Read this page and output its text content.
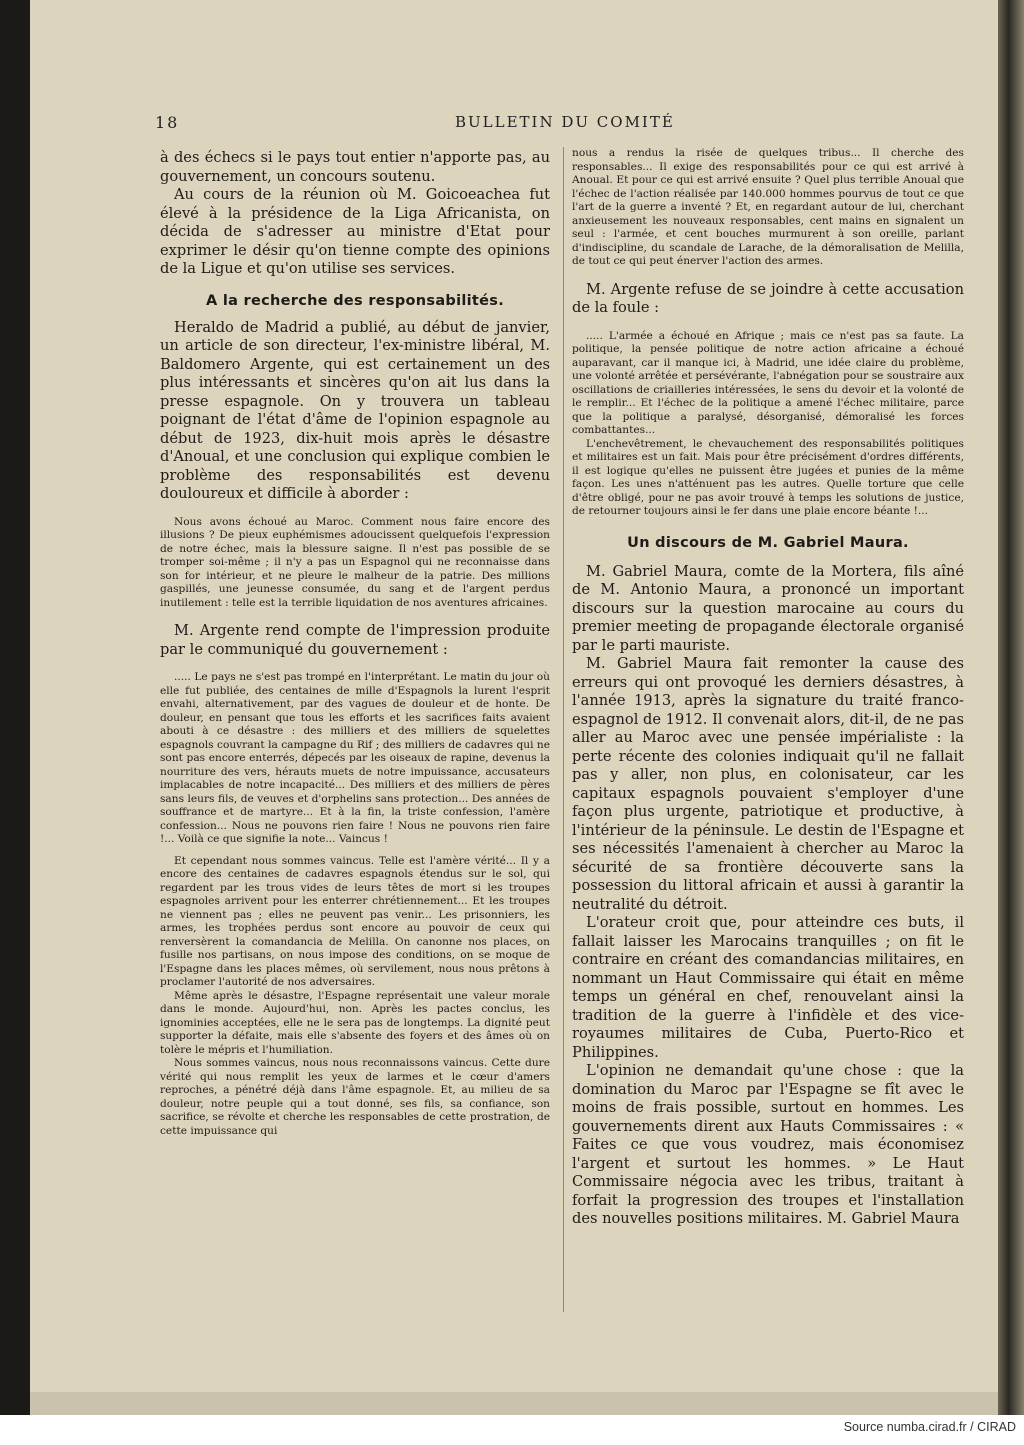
18	BULLETIN DU COMITÉ

à des échecs si le pays tout entier n'apporte pas, au gouvernement, un concours soutenu.

Au cours de la réunion où M. Goicoeachea fut élevé à la présidence de la Liga Africanista, on décida de s'adresser au ministre d'Etat pour exprimer le désir qu'on tienne compte des opinions de la Ligue et qu'on utilise ses services.

A la recherche des responsabilités.

Heraldo de Madrid a publié, au début de janvier, un article de son directeur, l'ex-ministre libéral, M. Baldomero Argente, qui est certainement un des plus intéressants et sincères qu'on ait lus dans la presse espagnole. On y trouvera un tableau poignant de l'état d'âme de l'opinion espagnole au début de 1923, dix-huit mois après le désastre d'Anoual, et une conclusion qui explique combien le problème des responsabilités est devenu douloureux et difficile à aborder :

Nous avons échoué au Maroc. Comment nous faire encore des illusions ? De pieux euphémismes adoucissent quelquefois l'expression de notre échec, mais la blessure saigne. Il n'est pas possible de se tromper soi-même ; il n'y a pas un Espagnol qui ne reconnaisse dans son for intérieur, et ne pleure le malheur de la patrie. Des millions gaspillés, une jeunesse consumée, du sang et de l'argent perdus inutilement : telle est la terrible liquidation de nos aventures africaines.

M. Argente rend compte de l'impression produite par le communiqué du gouvernement :

..... Le pays ne s'est pas trompé en l'interprétant. Le matin du jour où elle fut publiée, des centaines de mille d'Espagnols la lurent l'esprit envahi, alternativement, par des vagues de douleur et de honte. De douleur, en pensant que tous les efforts et les sacrifices faits avaient abouti à ce désastre : des milliers et des milliers de squelettes espagnols couvrant la campagne du Rif ; des milliers de cadavres qui ne sont pas encore enterrés, dépecés par les oiseaux de rapine, devenus la nourriture des vers, hérauts muets de notre impuissance, accusateurs implacables de notre incapacité... Des milliers et des milliers de pères sans leurs fils, de veuves et d'orphelins sans protection... Des années de souffrance et de martyre... Et à la fin, la triste confession, l'amère confession... Nous ne pouvons rien faire ! Nous ne pouvons rien faire !... Voilà ce que signifie la note... Vaincus !

Et cependant nous sommes vaincus. Telle est l'amère vérité... Il y a encore des centaines de cadavres espagnols étendus sur le sol, qui regardent par les trous vides de leurs têtes de mort si les troupes espagnoles arrivent pour les enterrer chrétiennement... Et les troupes ne viennent pas ; elles ne peuvent pas venir... Les prisonniers, les armes, les trophées perdus sont encore au pouvoir de ceux qui renversèrent la comandancia de Melilla. On canonne nos places, on fusille nos partisans, on nous impose des conditions, on se moque de l'Espagne dans les places mêmes, où servilement, nous nous prêtons à proclamer l'autorité de nos adversaires.

Même après le désastre, l'Espagne représentait une valeur morale dans le monde. Aujourd'hui, non. Après les pactes conclus, les ignominies acceptées, elle ne le sera pas de longtemps. La dignité peut supporter la défaite, mais elle s'absente des foyers et des âmes où on tolère le mépris et l'humiliation.

Nous sommes vaincus, nous nous reconnaissons vaincus. Cette dure vérité qui nous remplit les yeux de larmes et le cœur d'amers reproches, a pénétré déjà dans l'âme espagnole. Et, au milieu de sa douleur, notre peuple qui a tout donné, ses fils, sa confiance, son sacrifice, se révolte et cherche les responsables de cette prostration, de cette impuissance qui

nous a rendus la risée de quelques tribus... Il cherche des responsables... Il exige des responsabilités pour ce qui est arrivé à Anoual. Et pour ce qui est arrivé ensuite ? Quel plus terrible Anoual que l'échec de l'action réalisée par 140.000 hommes pourvus de tout ce que l'art de la guerre a inventé ? Et, en regardant autour de lui, cherchant anxieusement les nouveaux responsables, cent mains en signalent un seul : l'armée, et cent bouches murmurent à son oreille, parlant d'indiscipline, du scandale de Larache, de la démoralisation de Melilla, de tout ce qui peut énerver l'action des armes.

M. Argente refuse de se joindre à cette accusation de la foule :

..... L'armée a échoué en Afrique ; mais ce n'est pas sa faute. La politique, la pensée politique de notre action africaine a échoué auparavant, car il manque ici, à Madrid, une idée claire du problème, une volonté arrêtée et persévérante, l'abnégation pour se soustraire aux oscillations de criailleries intéressées, le sens du devoir et la volonté de le remplir... Et l'échec de la politique a amené l'échec militaire, parce que la politique a paralysé, désorganisé, démoralisé les forces combattantes...

L'enchevêtrement, le chevauchement des responsabilités politiques et militaires est un fait. Mais pour être précisément d'ordres différents, il est logique qu'elles ne puissent être jugées et punies de la même façon. Les unes n'atténuent pas les autres. Quelle torture que celle d'être obligé, pour ne pas avoir trouvé à temps les solutions de justice, de retourner toujours ainsi le fer dans une plaie encore béante !...

Un discours de M. Gabriel Maura.

M. Gabriel Maura, comte de la Mortera, fils aîné de M. Antonio Maura, a prononcé un important discours sur la question marocaine au cours du premier meeting de propagande électorale organisé par le parti mauriste.

M. Gabriel Maura fait remonter la cause des erreurs qui ont provoqué les derniers désastres, à l'année 1913, après la signature du traité franco-espagnol de 1912. Il convenait alors, dit-il, de ne pas aller au Maroc avec une pensée impérialiste : la perte récente des colonies indiquait qu'il ne fallait pas y aller, non plus, en colonisateur, car les capitaux espagnols pouvaient s'employer d'une façon plus urgente, patriotique et productive, à l'intérieur de la péninsule. Le destin de l'Espagne et ses nécessités l'amenaient à chercher au Maroc la sécurité de sa frontière découverte sans la possession du littoral africain et aussi à garantir la neutralité du détroit.

L'orateur croit que, pour atteindre ces buts, il fallait laisser les Marocains tranquilles ; on fit le contraire en créant des comandancias militaires, en nommant un Haut Commissaire qui était en même temps un général en chef, renouvelant ainsi la tradition de la guerre à l'infidèle et des vice-royaumes militaires de Cuba, Puerto-Rico et Philippines.

L'opinion ne demandait qu'une chose : que la domination du Maroc par l'Espagne se fît avec le moins de frais possible, surtout en hommes. Les gouvernements dirent aux Hauts Commissaires : « Faites ce que vous voudrez, mais économisez l'argent et surtout les hommes. » Le Haut Commissaire négocia avec les tribus, traitant à forfait la progression des troupes et l'installation des nouvelles positions militaires. M. Gabriel Maura

Source numba.cirad.fr / CIRAD
